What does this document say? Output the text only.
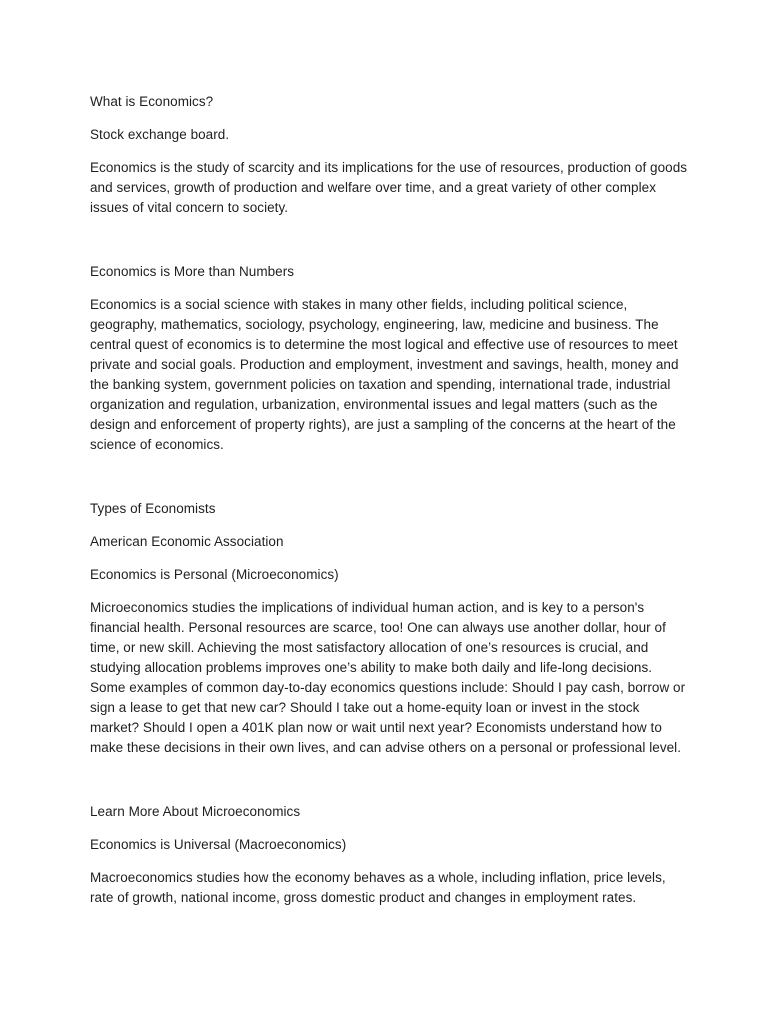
What is Economics?

Stock exchange board.

Economics is the study of scarcity and its implications for the use of resources, production of goods and services, growth of production and welfare over time, and a great variety of other complex issues of vital concern to society.

Economics is More than Numbers

Economics is a social science with stakes in many other fields, including political science, geography, mathematics, sociology, psychology, engineering, law, medicine and business. The central quest of economics is to determine the most logical and effective use of resources to meet private and social goals. Production and employment, investment and savings, health, money and the banking system, government policies on taxation and spending, international trade, industrial organization and regulation, urbanization, environmental issues and legal matters (such as the design and enforcement of property rights), are just a sampling of the concerns at the heart of the science of economics.

Types of Economists

American Economic Association

Economics is Personal (Microeconomics)

Microeconomics studies the implications of individual human action, and is key to a person's financial health. Personal resources are scarce, too! One can always use another dollar, hour of time, or new skill. Achieving the most satisfactory allocation of one’s resources is crucial, and studying allocation problems improves one’s ability to make both daily and life-long decisions. Some examples of common day-to-day economics questions include: Should I pay cash, borrow or sign a lease to get that new car? Should I take out a home-equity loan or invest in the stock market? Should I open a 401K plan now or wait until next year? Economists understand how to make these decisions in their own lives, and can advise others on a personal or professional level.

Learn More About Microeconomics

Economics is Universal (Macroeconomics)

Macroeconomics studies how the economy behaves as a whole, including inflation, price levels, rate of growth, national income, gross domestic product and changes in employment rates.
